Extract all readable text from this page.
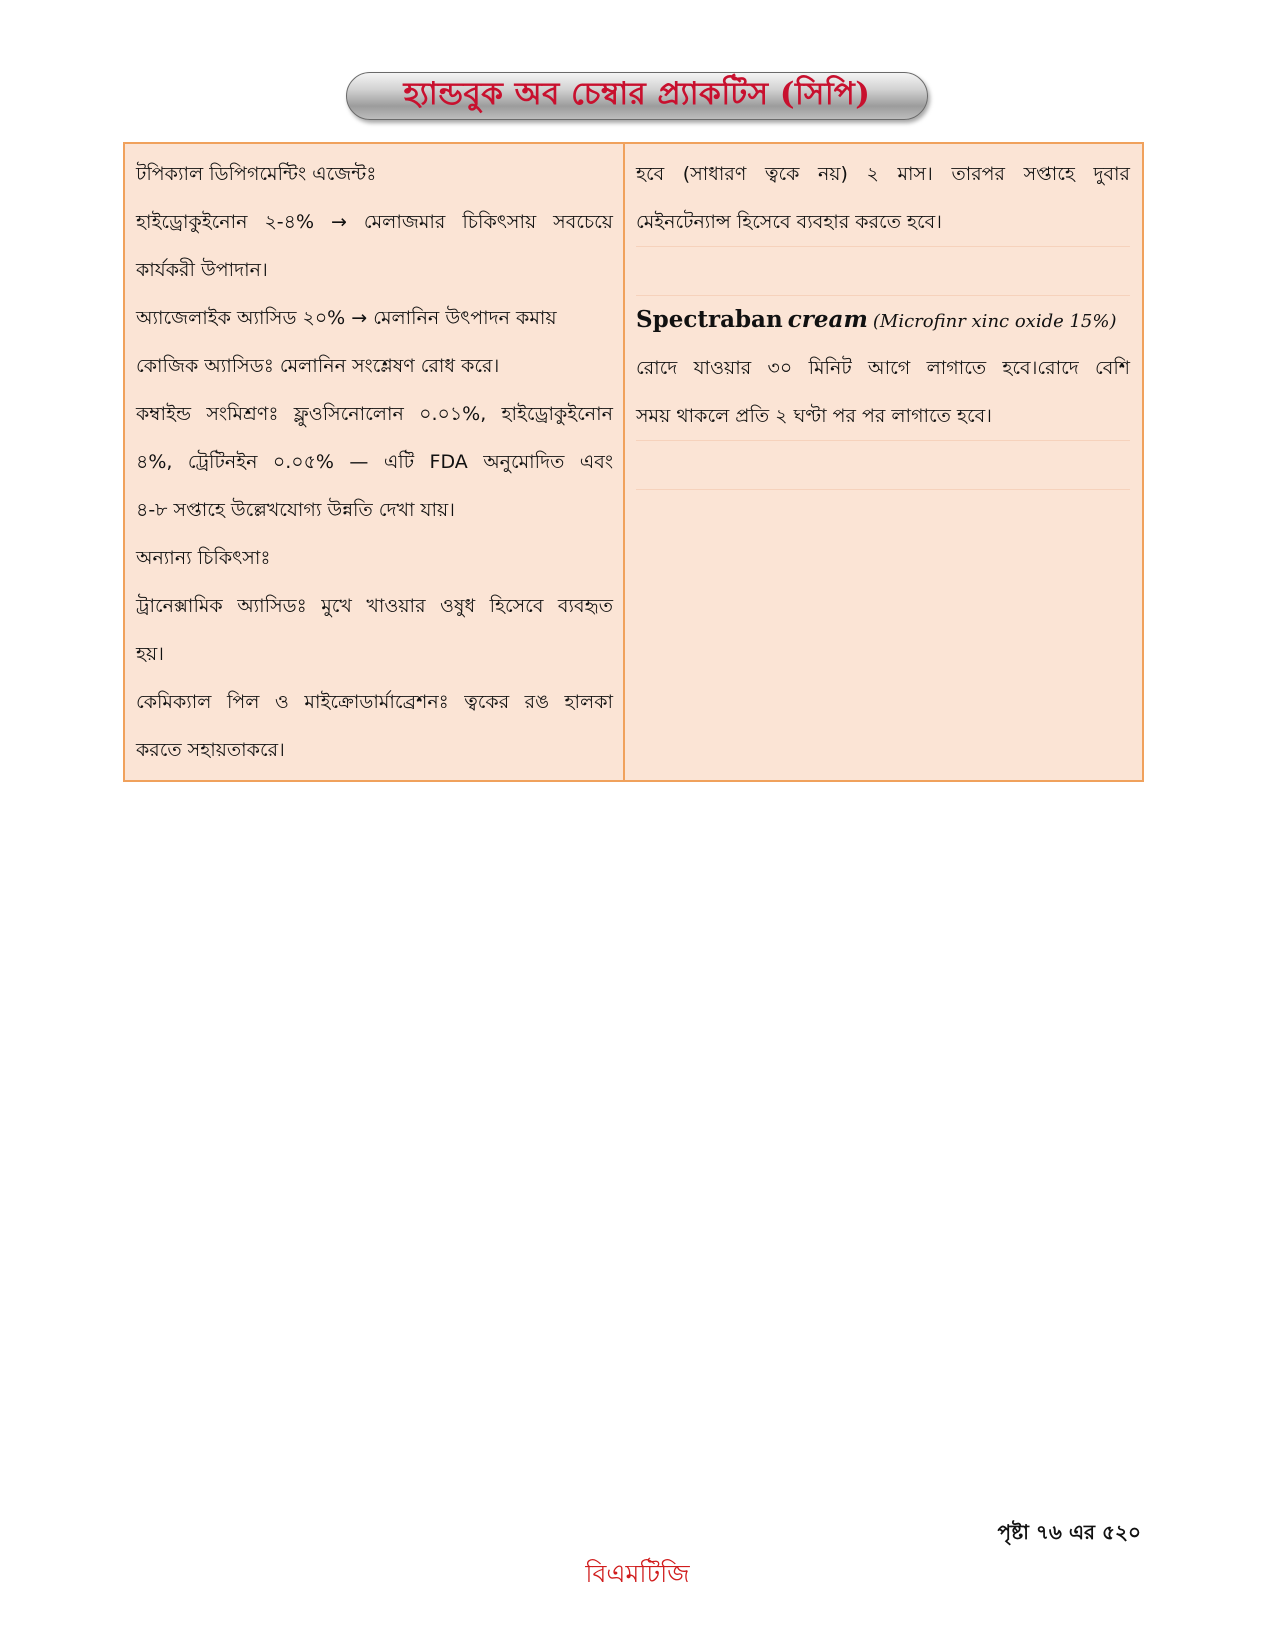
হ্যান্ডবুক অব চেম্বার প্র্যাকটিস (সিপি)
টপিক্যাল ডিপিগমেন্টিং এজেন্টঃ
হাইড্রোকুইনোন ২-৪% → মেলাজমার চিকিৎসায় সবচেয়ে
কার্যকরী উপাদান।
অ্যাজেলাইক অ্যাসিড ২০% → মেলানিন উৎপাদন কমায়
কোজিক অ্যাসিডঃ মেলানিন সংশ্লেষণ রোধ করে।
কম্বাইন্ড সংমিশ্রণঃ ফ্লুওসিনোলোন ০.০১%, হাইড্রোকুইনোন
৪%, ট্রেটিনইন ০.০৫% — এটি FDA অনুমোদিত এবং
৪-৮ সপ্তাহে উল্লেখযোগ্য উন্নতি দেখা যায়।
অন্যান্য চিকিৎসাঃ
ট্রানেক্সামিক অ্যাসিডঃ মুখে খাওয়ার ওষুধ হিসেবে ব্যবহৃত
হয়।
কেমিক্যাল পিল ও মাইক্রোডার্মাব্রেশনঃ ত্বকের রঙ হালকা
করতে সহায়তাকরে।
হবে (সাধারণ ত্বকে নয়) ২ মাস। তারপর সপ্তাহে দুবার
মেইনটেন্যান্স হিসেবে ব্যবহার করতে হবে।
Spectraban cream (Microfinr xinc oxide 15%)
রোদে যাওয়ার ৩০ মিনিট আগে লাগাতে হবে।রোদে বেশি
সময় থাকলে প্রতি ২ ঘণ্টা পর পর লাগাতে হবে।
পৃষ্টা ৭৬ এর ৫২০
বিএমটিজি
